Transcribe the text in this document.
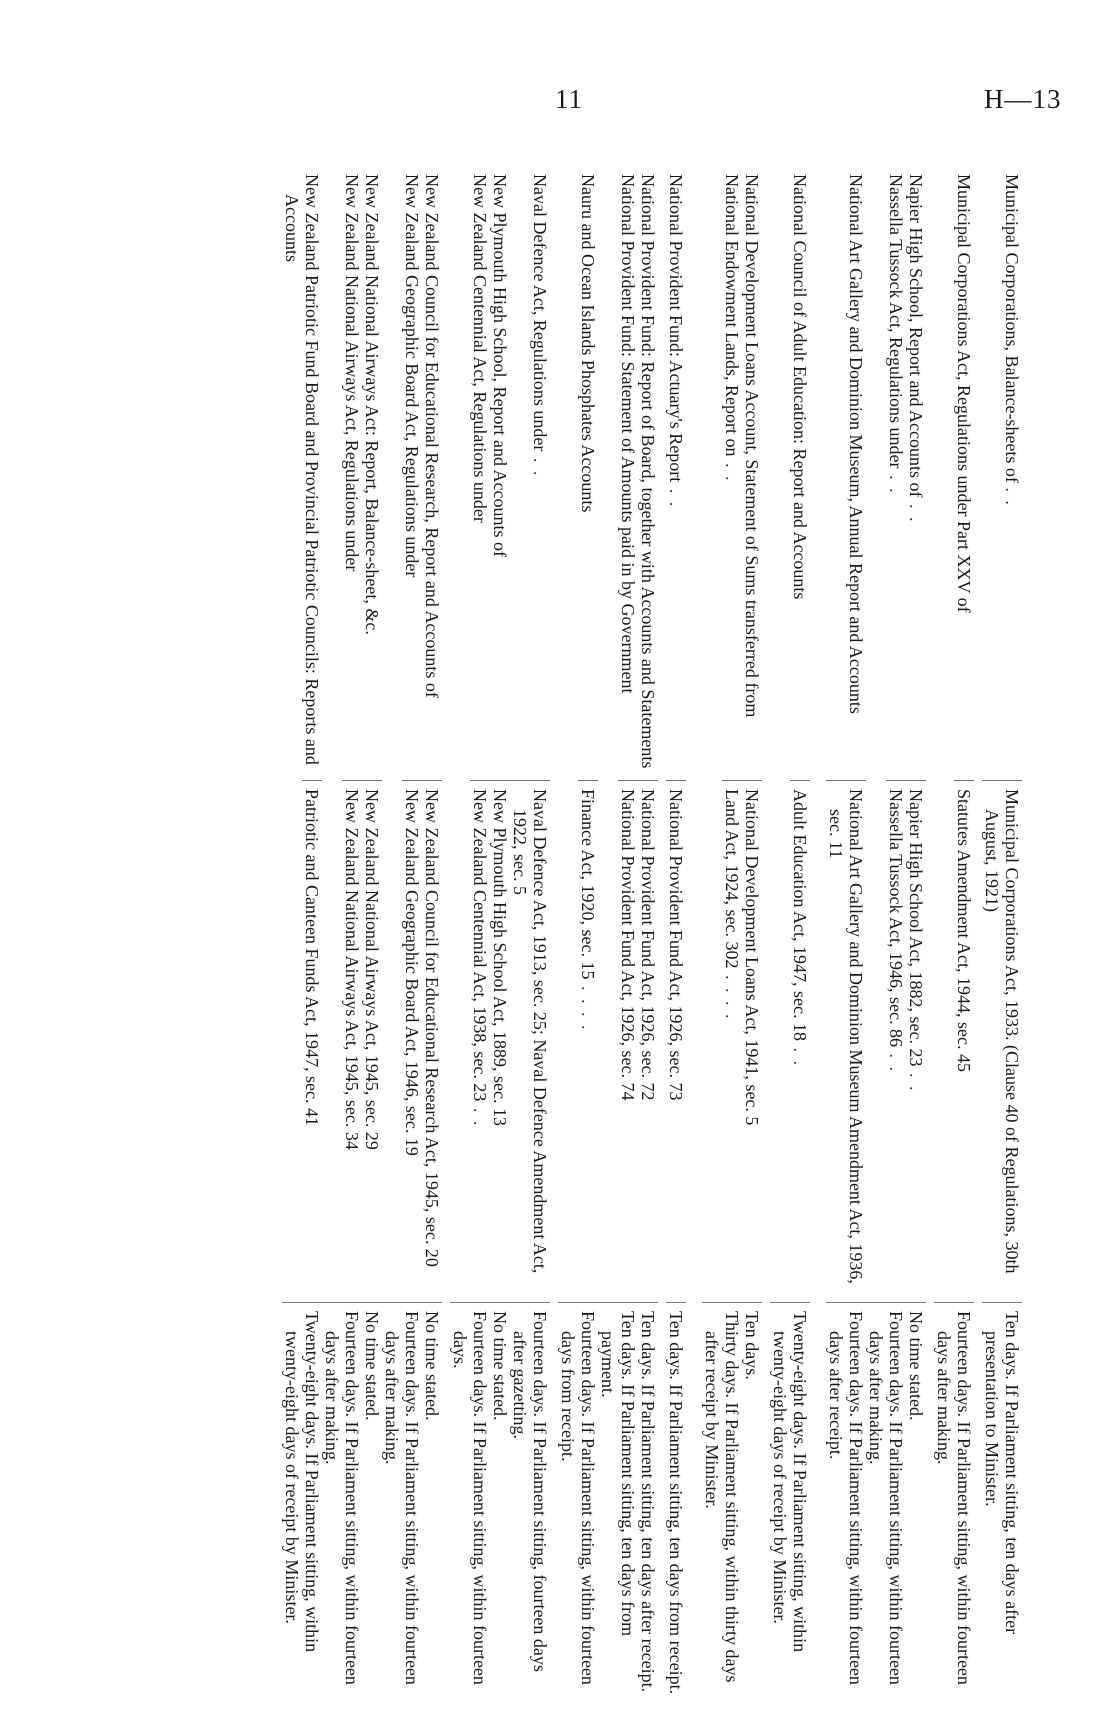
11	H—13
Municipal Corporations, Balance-sheets of . .
Municipal Corporations Act, 1933. (Clause 40 of Regulations, 30th August, 1921)
Ten days. If Parliament sitting, ten days after presentation to Minister.
Municipal Corporations Act, Regulations under Part XXV of
Statutes Amendment Act, 1944, sec. 45
Fourteen days. If Parliament sitting, within fourteen days after making.
Napier High School, Report and Accounts of . .
Napier High School Act, 1882, sec. 23 . .
No time stated.
Nassella Tussock Act, Regulations under . .
Nassella Tussock Act, 1946, sec. 86 . .
Fourteen days. If Parliament sitting, within fourteen days after making.
National Art Gallery and Dominion Museum, Annual Report and Accounts
National Art Gallery and Dominion Museum Amendment Act, 1936, sec. 11
Fourteen days. If Parliament sitting, within fourteen days after receipt.
National Council of Adult Education: Report and Accounts
Adult Education Act, 1947, sec. 18 . .
Twenty-eight days. If Parliament sitting, within twenty-eight days of receipt by Minister.
National Development Loans Account, Statement of Sums transferred from
National Development Loans Act, 1941, sec. 5
Ten days.
National Endowment Lands, Report on . .
Land Act, 1924, sec. 302 . . . .
Thirty days. If Parliament sitting, within thirty days after receipt by Minister.
National Provident Fund: Actuary's Report . .
National Provident Fund Act, 1926, sec. 73
Ten days. If Parliament sitting, ten days from receipt.
National Provident Fund: Report of Board, together with Accounts and Statements
National Provident Fund Act, 1926, sec. 72
Ten days. If Parliament sitting, ten days after receipt.
National Provident Fund: Statement of Amounts paid in by Government
National Provident Fund Act, 1926, sec. 74
Ten days. If Parliament sitting, ten days from payment.
Nauru and Ocean Islands Phosphates Accounts
Finance Act, 1920, sec. 15 . . . .
Fourteen days. If Parliament sitting, within fourteen days from receipt.
Naval Defence Act, Regulations under . .
Naval Defence Act, 1913, sec. 25; Naval Defence Amendment Act, 1922, sec. 5
Fourteen days. If Parliament sitting, fourteen days after gazetting.
New Plymouth High School, Report and Accounts of
New Plymouth High School Act, 1889, sec. 13
No time stated.
New Zealand Centennial Act, Regulations under
New Zealand Centennial Act, 1938, sec. 23 . .
Fourteen days. If Parliament sitting, within fourteen days.
New Zealand Council for Educational Research, Report and Accounts of
New Zealand Council for Educational Research Act, 1945, sec. 20
No time stated.
New Zealand Geographic Board Act, Regulations under
New Zealand Geographic Board Act, 1946, sec. 19
Fourteen days. If Parliament sitting, within fourteen days after making.
New Zealand National Airways Act: Report, Balance-sheet, &c.
New Zealand National Airways Act, 1945, sec. 29
No time stated.
New Zealand National Airways Act, Regulations under
New Zealand National Airways Act, 1945, sec. 34
Fourteen days. If Parliament sitting, within fourteen days after making.
New Zealand Patriotic Fund Board and Provincial Patriotic Councils: Reports and Accounts
Patriotic and Canteen Funds Act, 1947, sec. 41
Twenty-eight days. If Parliament sitting, within twenty-eight days of receipt by Minister.
